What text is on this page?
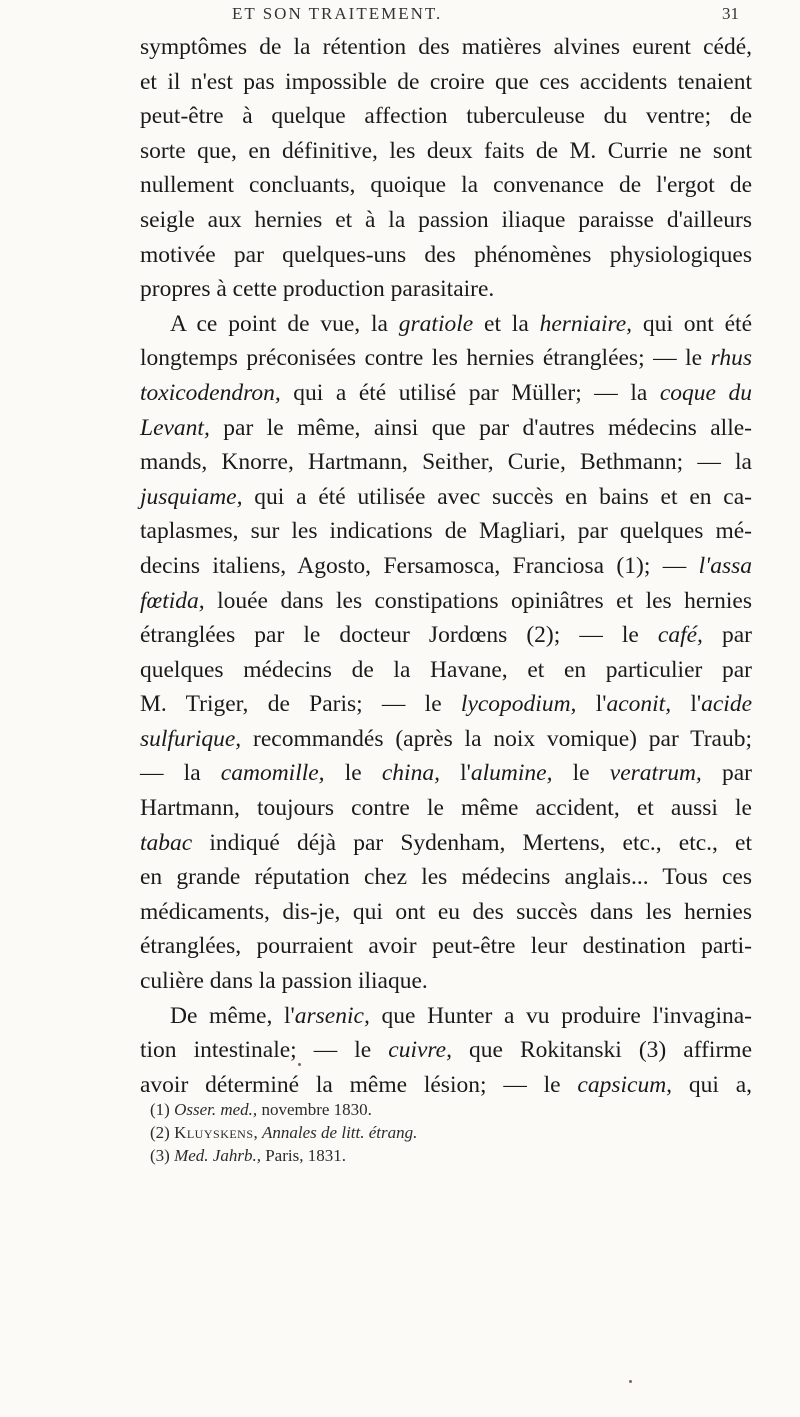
ET SON TRAITEMENT.	31
symptômes de la rétention des matières alvines eurent cédé,
et il n'est pas impossible de croire que ces accidents tenaient
peut-être à quelque affection tuberculeuse du ventre; de
sorte que, en définitive, les deux faits de M. Currie ne sont
nullement concluants, quoique la convenance de l'ergot de
seigle aux hernies et à la passion iliaque paraisse d'ailleurs
motivée par quelques-uns des phénomènes physiologiques
propres à cette production parasitaire.
A ce point de vue, la gratiole et la herniaire, qui ont été
longtemps préconisées contre les hernies étranglées; — le rhus
toxicodendron, qui a été utilisé par Müller; — la coque du
Levant, par le même, ainsi que par d'autres médecins alle-
mands, Knorre, Hartmann, Seither, Curie, Bethmann; — la
jusquiame, qui a été utilisée avec succès en bains et en ca-
taplasmes, sur les indications de Magliari, par quelques mé-
decins italiens, Agosto, Fersamosca, Franciosa (1); — l'assa
fœtida, louée dans les constipations opiniâtres et les hernies
étranglées par le docteur Jordœns (2); — le café, par
quelques médecins de la Havane, et en particulier par
M. Triger, de Paris; — le lycopodium, l'aconit, l'acide
sulfurique, recommandés (après la noix vomique) par Traub;
— la camomille, le china, l'alumine, le veratrum, par
Hartmann, toujours contre le même accident, et aussi le
tabac indiqué déjà par Sydenham, Mertens, etc., etc., et
en grande réputation chez les médecins anglais... Tous ces
médicaments, dis-je, qui ont eu des succès dans les hernies
étranglées, pourraient avoir peut-être leur destination parti-
culière dans la passion iliaque.
De même, l'arsenic, que Hunter a vu produire l'invagina-
tion intestinale; — le cuivre, que Rokitanski (3) affirme
avoir déterminé la même lésion; — le capsicum, qui a,
(1) Osser. med., novembre 1830.
(2) Kluyskens, Annales de litt. étrang.
(3) Med. Jahrb., Paris, 1831.
